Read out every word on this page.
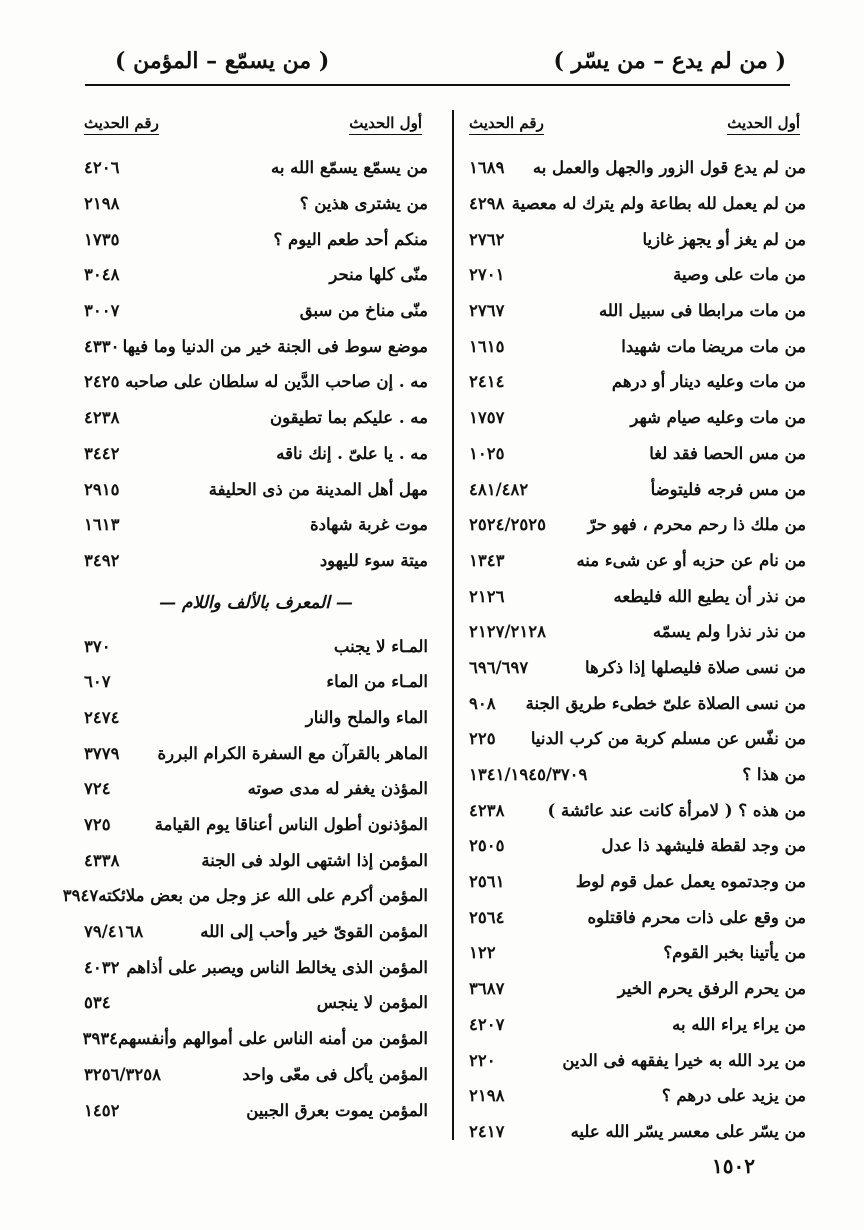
( من لم يدع – من يسّر )
( من يسمّع – المؤمن )
أول الحديث
رقم الحديث
من لم يدع قول الزور والجهل والعمل به
١٦٨٩
من لم يعمل لله بطاعة ولم يترك له معصية
٤٢٩٨
من لم يغز أو يجهز غازيا
٢٧٦٢
من مات على وصية
٢٧٠١
من مات مرابطا فى سبيل الله
٢٧٦٧
من مات مريضا مات شهيدا
١٦١٥
من مات وعليه دينار أو درهم
٢٤١٤
من مات وعليه صيام شهر
١٧٥٧
من مس الحصا فقد لغا
١٠٢٥
من مس فرجه فليتوضأ
٤٨١/٤٨٢
من ملك ذا رحم محرم ، فهو حرّ
٢٥٢٤/٢٥٢٥
من نام عن حزبه أو عن شىء منه
١٣٤٣
من نذر أن يطيع الله فليطعه
٢١٢٦
من نذر نذرا ولم يسمّه
٢١٢٧/٢١٢٨
من نسى صلاة فليصلها إذا ذكرها
٦٩٦/٦٩٧
من نسى الصلاة علىّ خطىء طريق الجنة
٩٠٨
من نفّس عن مسلم كربة من كرب الدنيا
٢٢٥
من هذا ؟
١٣٤١/١٩٤٥/٣٧٠٩
من هذه ؟ ( لامرأة كانت عند عائشة )
٤٢٣٨
من وجد لقطة فليشهد ذا عدل
٢٥٠٥
من وجدتموه يعمل عمل قوم لوط
٢٥٦١
من وقع على ذات محرم فاقتلوه
٢٥٦٤
من يأتينا بخبر القوم؟
١٢٢
من يحرم الرفق يحرم الخير
٣٦٨٧
من يراء يراء الله به
٤٢٠٧
من يرد الله به خيرا يفقهه فى الدين
٢٢٠
من يزيد على درهم ؟
٢١٩٨
من يسّر على معسر يسّر الله عليه
٢٤١٧
أول الحديث
رقم الحديث
من يسمّع يسمّع الله به
٤٢٠٦
من يشترى هذين ؟
٢١٩٨
منكم أحد طعم اليوم ؟
١٧٣٥
منّى كلها منحر
٣٠٤٨
منّى مناخ من سبق
٣٠٠٧
موضع سوط فى الجنة خير من الدنيا وما فيها
٤٣٣٠
مه . إن صاحب الدَّين له سلطان على صاحبه
٢٤٢٥
مه . عليكم بما تطيقون
٤٢٣٨
مه . يا علىّ . إنك ناقه
٣٤٤٢
مهل أهل المدينة من ذى الحليفة
٢٩١٥
موت غربة شهادة
١٦١٣
ميتة سوء لليهود
٣٤٩٢
— المعرف بالألف واللام —
المـاء لا يجنب
٣٧٠
المـاء من الماء
٦٠٧
الماء والملح والنار
٢٤٧٤
الماهر بالقرآن مع السفرة الكرام البررة
٣٧٧٩
المؤذن يغفر له مدى صوته
٧٢٤
المؤذنون أطول الناس أعناقا يوم القيامة
٧٢٥
المؤمن إذا اشتهى الولد فى الجنة
٤٣٣٨
المؤمن أكرم على الله عز وجل من بعض ملائكته
٣٩٤٧
المؤمن القوىّ خير وأحب إلى الله
٧٩/٤١٦٨
المؤمن الذى يخالط الناس ويصبر على أذاهم
٤٠٣٢
المؤمن لا ينجس
٥٣٤
المؤمن من أمنه الناس على أموالهم وأنفسهم
٣٩٣٤
المؤمن يأكل فى معّى واحد
٣٢٥٦/٣٢٥٨
المؤمن يموت بعرق الجبين
١٤٥٢
١٥٠٢
